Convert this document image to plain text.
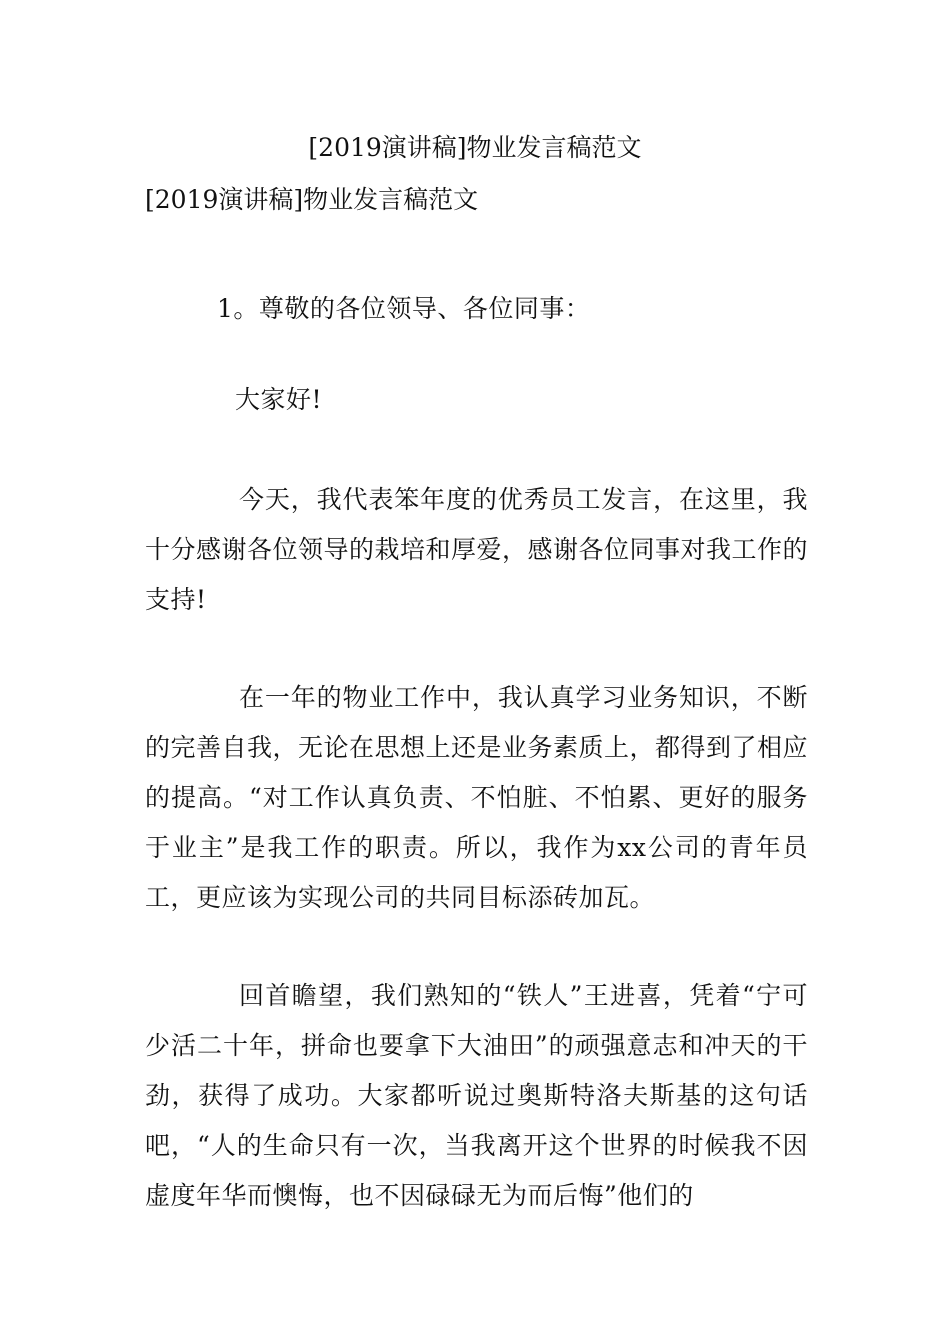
[2019演讲稿]物业发言稿范文
[2019演讲稿]物业发言稿范文

1。尊敬的各位领导、各位同事：

大家好!

今天，我代表笨年度的优秀员工发言，在这里，我十分感谢各位领导的栽培和厚爱，感谢各位同事对我工作的支持!

在一年的物业工作中，我认真学习业务知识，不断的完善自我，无论在思想上还是业务素质上，都得到了相应的提高。“对工作认真负责、不怕脏、不怕累、更好的服务于业主”是我工作的职责。所以，我作为xx公司的青年员工，更应该为实现公司的共同目标添砖加瓦。

回首瞻望，我们熟知的“铁人”王进喜，凭着“宁可少活二十年，拼命也要拿下大油田”的顽强意志和冲天的干劲，获得了成功。大家都听说过奥斯特洛夫斯基的这句话吧，“人的生命只有一次，当我离开这个世界的时候我不因虚度年华而懊悔，也不因碌碌无为而后悔”他们的
